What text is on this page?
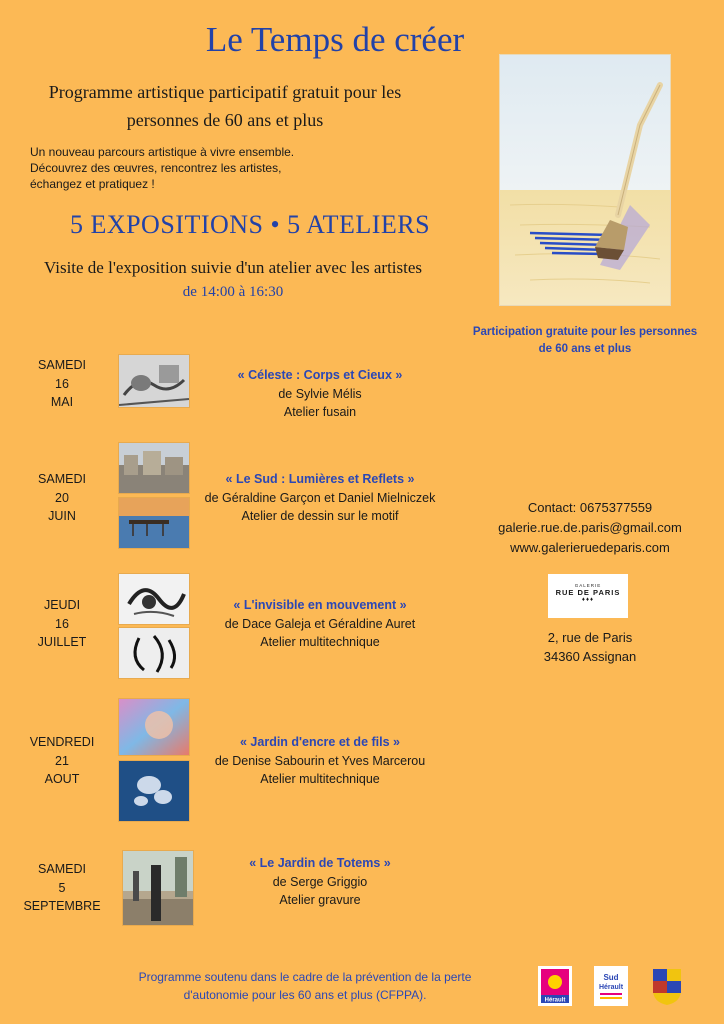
Le Temps de créer
Programme artistique participatif gratuit pour les
personnes de 60 ans et plus
Un nouveau parcours artistique à vivre ensemble.
Découvrez des œuvres, rencontrez les artistes,
échangez et pratiquez !
5 EXPOSITIONS • 5 ATELIERS
Visite de l'exposition suivie d'un atelier avec les artistes
de 14:00 à 16:30
Participation gratuite pour les personnes
de 60 ans et plus
SAMEDI
16
MAI
« Céleste : Corps et Cieux »
de Sylvie Mélis
Atelier fusain
SAMEDI
20
JUIN
« Le Sud : Lumières et Reflets »
de Géraldine Garçon et Daniel Mielniczek
Atelier de dessin sur le motif
Contact: 0675377559
galerie.rue.de.paris@gmail.com
www.galerieruedeparis.com
JEUDI
16
JUILLET
« L'invisible en mouvement »
de Dace Galeja et Géraldine Auret
Atelier multitechnique
GALERIE
RUE DE PARIS
♦♦♦
2, rue de Paris
34360 Assignan
VENDREDI
21
AOUT
« Jardin d'encre et de fils »
de Denise Sabourin et Yves Marcerou
Atelier multitechnique
SAMEDI
5
SEPTEMBRE
« Le Jardin de Totems »
de Serge Griggio
Atelier gravure
Programme soutenu dans le cadre de la prévention de la perte
d'autonomie pour les 60 ans et plus (CFPPA).	Hérault
Sud
Hérault
